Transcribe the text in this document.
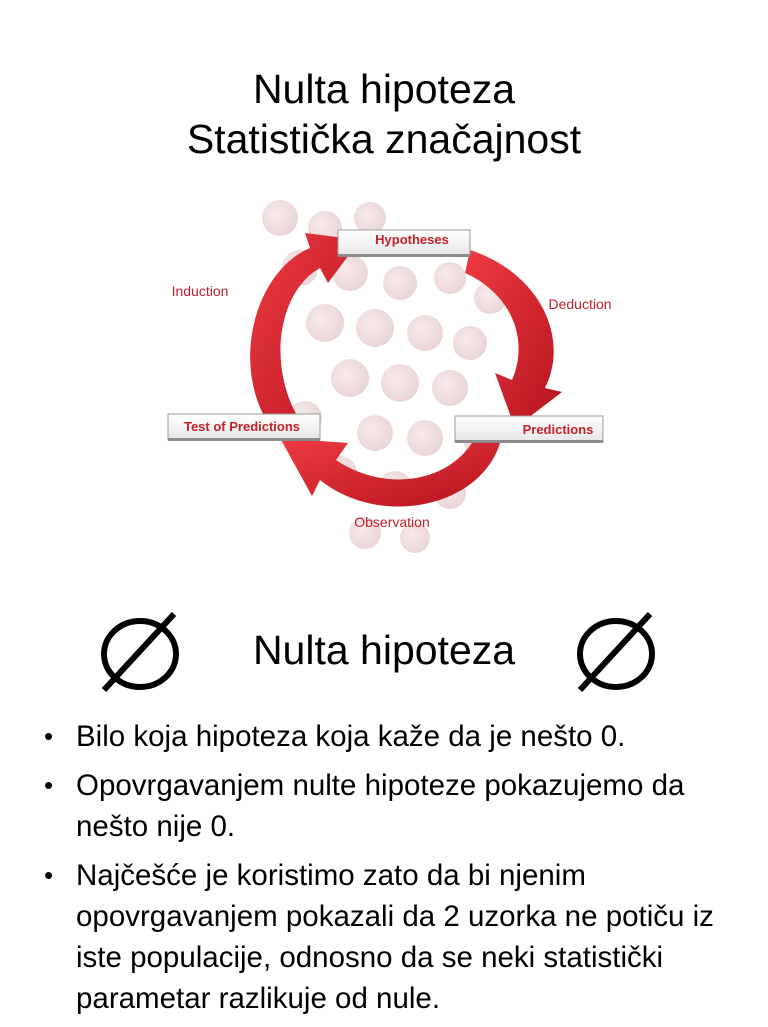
Nulta hipoteza
Statistička značajnost
Hypotheses
Predictions
Test of Predictions
Induction
Deduction
Observation
Nulta hipoteza
• Bilo koja hipoteza koja kaže da je nešto 0.
• Opovrgavanjem nulte hipoteze pokazujemo da nešto nije 0.
• Najčešće je koristimo zato da bi njenim opovrgavanjem pokazali da 2 uzorka ne potiču iz iste populacije, odnosno da se neki statistički parametar razlikuje od nule.
